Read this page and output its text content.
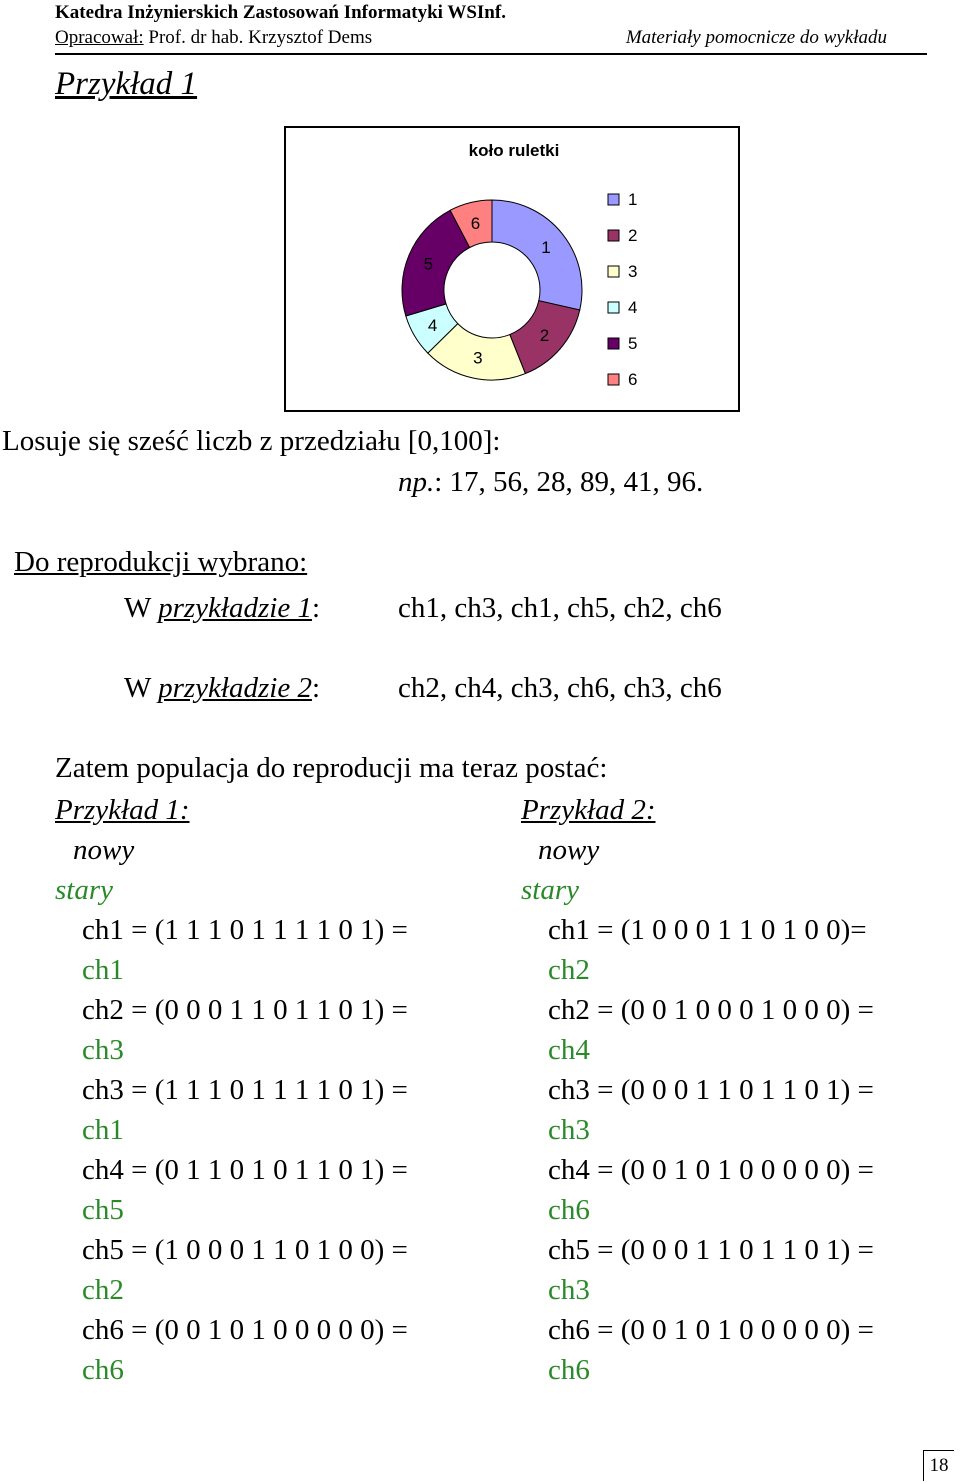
Katedra Inżynierskich Zastosowań Informatyki WSInf.
Opracował: Prof. dr hab. Krzysztof Dems	Materiały pomocnicze do wykładu
Przykład 1
koło ruletki
1
2
3
4
5
6
1
2
3
4
5
6
Losuje się sześć liczb z przedziału [0,100]:
np.: 17, 56, 28, 89, 41, 96.
Do reprodukcji wybrano:
W przykładzie 1:	ch1, ch3, ch1, ch5, ch2, ch6
W przykładzie 2:	ch2, ch4, ch3, ch6, ch3, ch6
Zatem populacja do reproducji ma teraz postać:
Przykład 1:
nowy
stary
ch1 = (1 1 1 0 1 1 1 1 0 1) =
ch1
ch2 = (0 0 0 1 1 0 1 1 0 1) =
ch3
ch3 = (1 1 1 0 1 1 1 1 0 1) =
ch1
ch4 = (0 1 1 0 1 0 1 1 0 1) =
ch5
ch5 = (1 0 0 0 1 1 0 1 0 0) =
ch2
ch6 = (0 0 1 0 1 0 0 0 0 0) =
ch6
Przykład 2:
nowy
stary
ch1 = (1 0 0 0 1 1 0 1 0 0)=
ch2
ch2 = (0 0 1 0 0 0 1 0 0 0) =
ch4
ch3 = (0 0 0 1 1 0 1 1 0 1) =
ch3
ch4 = (0 0 1 0 1 0 0 0 0 0) =
ch6
ch5 = (0 0 0 1 1 0 1 1 0 1) =
ch3
ch6 = (0 0 1 0 1 0 0 0 0 0) =
ch6
18
